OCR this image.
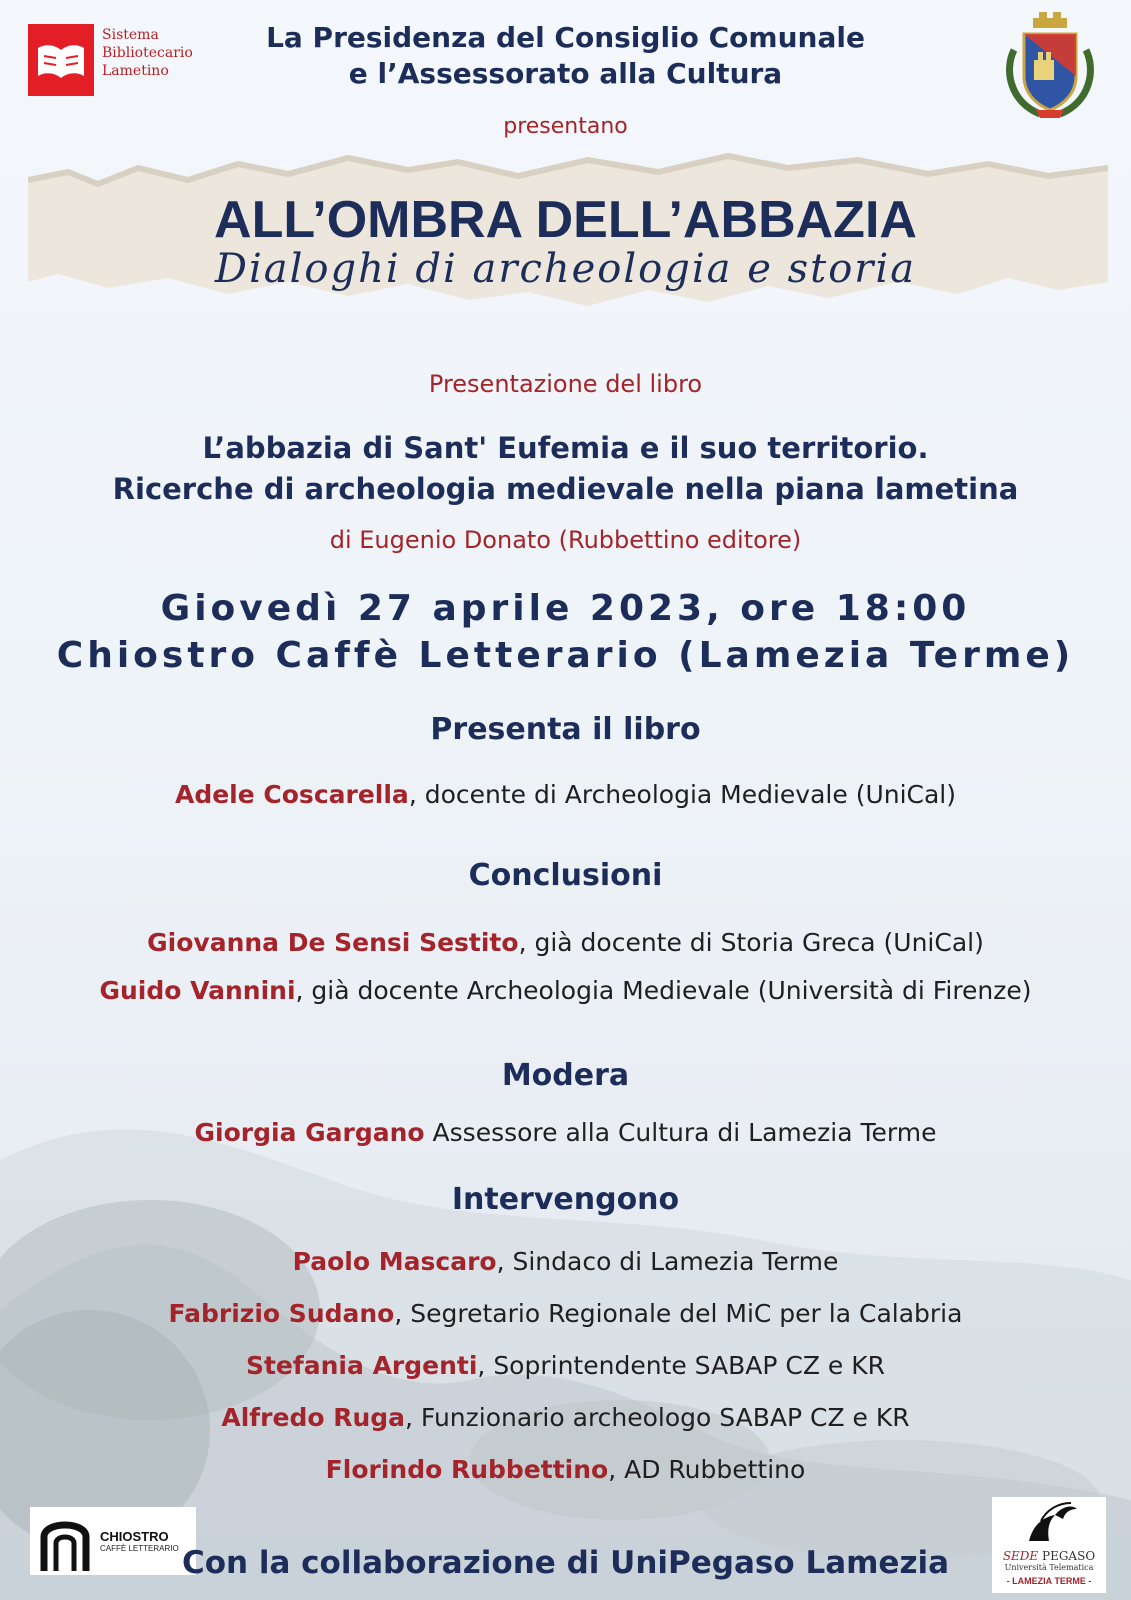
Sistema
Bibliotecario
Lametino
La Presidenza del Consiglio Comunale
e l’Assessorato alla Cultura
presentano
ALL’OMBRA DELL’ABBAZIA
Dialoghi di archeologia e storia
Presentazione del libro
L’abbazia di Sant' Eufemia e il suo territorio.
Ricerche di archeologia medievale nella piana lametina
di Eugenio Donato (Rubbettino editore)
Giovedì 27 aprile 2023, ore 18:00
Chiostro Caffè Letterario (Lamezia Terme)
Presenta il libro
Adele Coscarella, docente di Archeologia Medievale (UniCal)
Conclusioni
Giovanna De Sensi Sestito, già docente di Storia Greca (UniCal)
Guido Vannini, già docente Archeologia Medievale (Università di Firenze)
Modera
Giorgia Gargano Assessore alla Cultura di Lamezia Terme
Intervengono
Paolo Mascaro, Sindaco di Lamezia Terme
Fabrizio Sudano, Segretario Regionale del MiC per la Calabria
Stefania Argenti, Soprintendente SABAP CZ e KR
Alfredo Ruga, Funzionario archeologo SABAP CZ e KR
Florindo Rubbettino, AD Rubbettino
CHIOSTRO
CAFFÈ LETTERARIO Con la collaborazione di UniPegaso Lamezia	SEDE PEGASO
Università Telematica
- LAMEZIA TERME -
